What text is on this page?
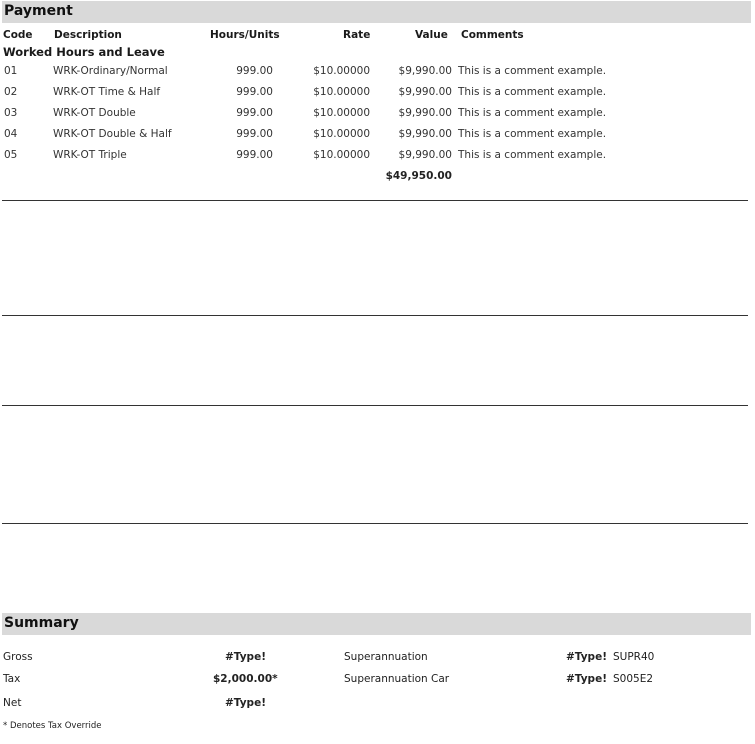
Payment
Code Description	Hours/Units	Rate	Value Comments
Worked Hours and Leave
01	WRK-Ordinary/Normal	999.00	$10.00000	$9,990.00 This is a comment example.
02	WRK-OT Time & Half	999.00	$10.00000	$9,990.00 This is a comment example.
03	WRK-OT Double	999.00	$10.00000	$9,990.00 This is a comment example.
04	WRK-OT Double & Half	999.00	$10.00000	$9,990.00 This is a comment example.
05	WRK-OT Triple	999.00	$10.00000	$9,990.00 This is a comment example.
$49,950.00
Summary
Gross	#Type!
Tax	$2,000.00*
Net	#Type!
Superannuation	#Type! SUPR40
Superannuation Car	#Type! S005E2
* Denotes Tax Override
